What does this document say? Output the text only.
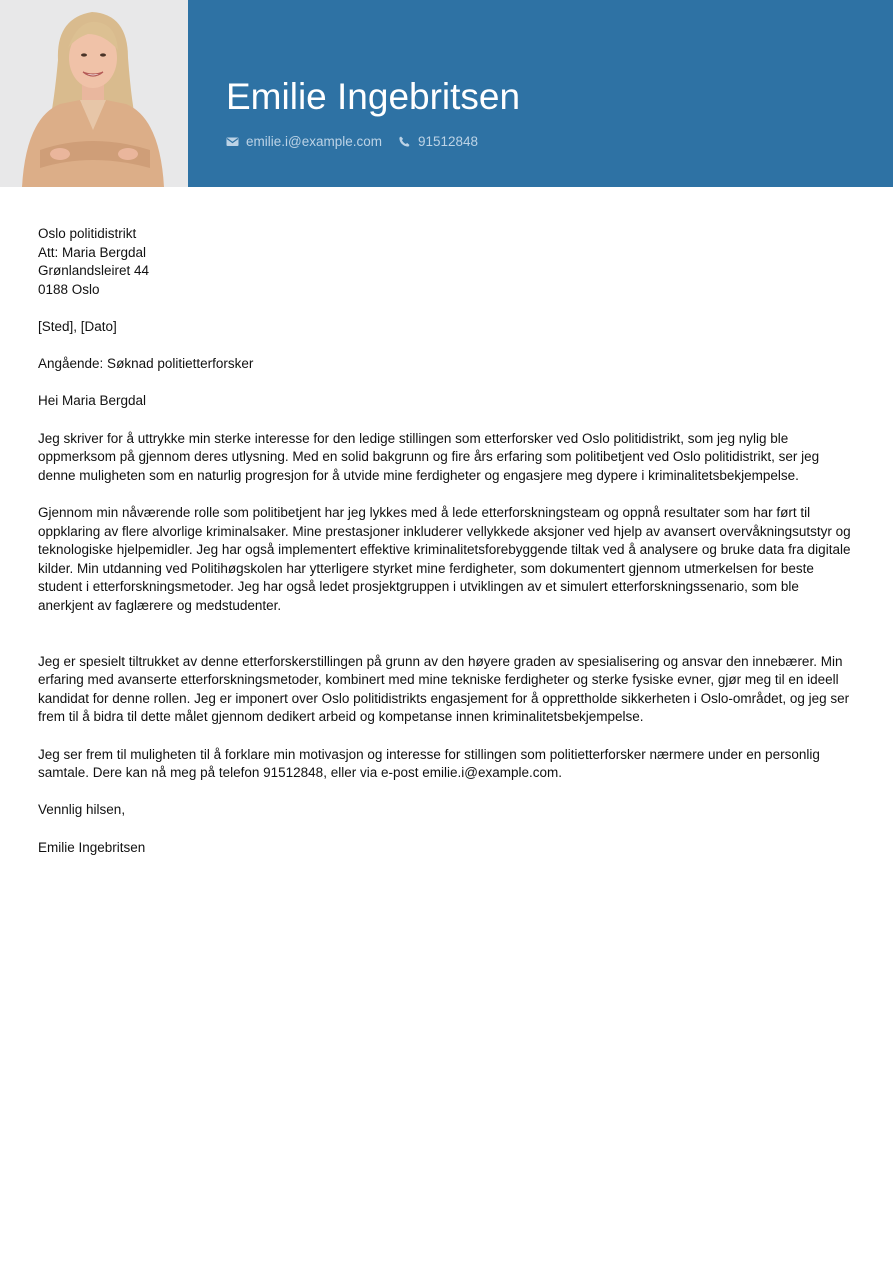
Emilie Ingebritsen
emilie.i@example.com	91512848

Oslo politidistrikt

Att: Maria Bergdal

Grønlandsleiret 44

0188 Oslo

[Sted], [Dato]

Angående: Søknad politietterforsker

Hei Maria Bergdal

Jeg skriver for å uttrykke min sterke interesse for den ledige stillingen som etterforsker ved Oslo politidistrikt, som jeg nylig ble oppmerksom på gjennom deres utlysning. Med en solid bakgrunn og fire års erfaring som politibetjent ved Oslo politidistrikt, ser jeg denne muligheten som en naturlig progresjon for å utvide mine ferdigheter og engasjere meg dypere i kriminalitetsbekjempelse.

Gjennom min nåværende rolle som politibetjent har jeg lykkes med å lede etterforskningsteam og oppnå resultater som har ført til oppklaring av flere alvorlige kriminalsaker. Mine prestasjoner inkluderer vellykkede aksjoner ved hjelp av avansert overvåkningsutstyr og teknologiske hjelpemidler. Jeg har også implementert effektive kriminalitetsforebyggende tiltak ved å analysere og bruke data fra digitale kilder. Min utdanning ved Politihøgskolen har ytterligere styrket mine ferdigheter, som dokumentert gjennom utmerkelsen for beste student i etterforskningsmetoder. Jeg har også ledet prosjektgruppen i utviklingen av et simulert etterforskningssenario, som ble anerkjent av faglærere og medstudenter.

Jeg er spesielt tiltrukket av denne etterforskerstillingen på grunn av den høyere graden av spesialisering og ansvar den innebærer. Min erfaring med avanserte etterforskningsmetoder, kombinert med mine tekniske ferdigheter og sterke fysiske evner, gjør meg til en ideell kandidat for denne rollen. Jeg er imponert over Oslo politidistrikts engasjement for å opprettholde sikkerheten i Oslo-området, og jeg ser frem til å bidra til dette målet gjennom dedikert arbeid og kompetanse innen kriminalitetsbekjempelse.

Jeg ser frem til muligheten til å forklare min motivasjon og interesse for stillingen som politietterforsker nærmere under en personlig samtale. Dere kan nå meg på telefon 91512848, eller via e-post emilie.i@example.com.

Vennlig hilsen,

Emilie Ingebritsen
